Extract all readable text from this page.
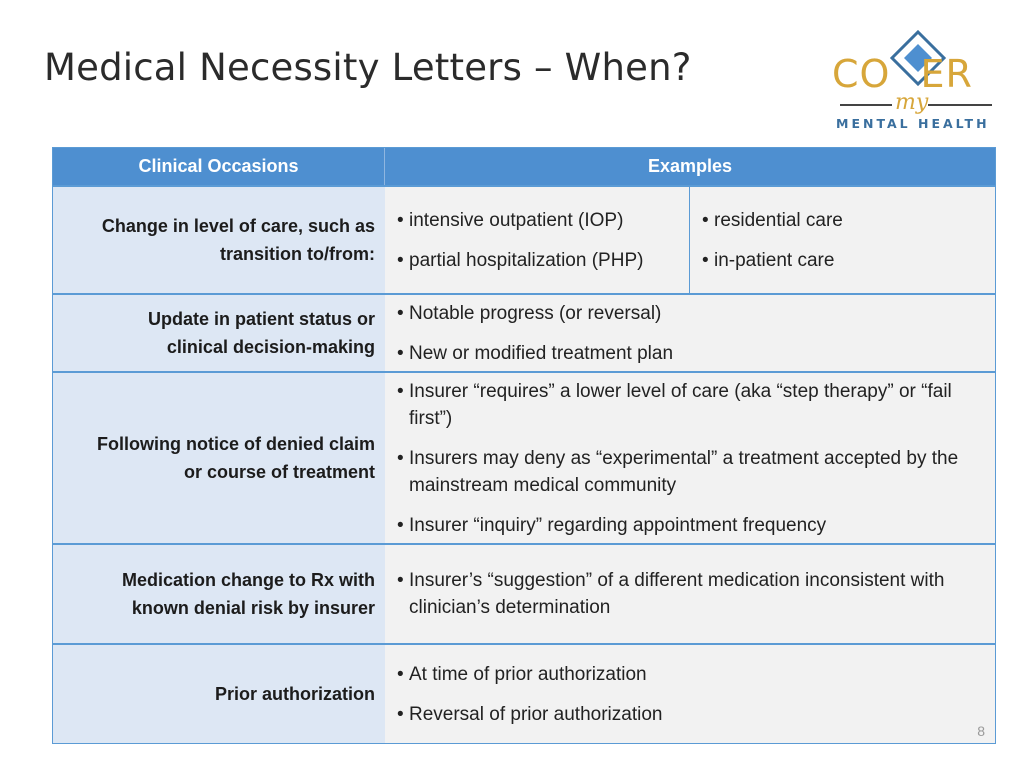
Medical Necessity Letters – When?	CO ER
my
MENTAL HEALTH
Clinical Occasions	Examples
Change in level of care, such as
transition to/from:
• intensive outpatient (IOP)
• partial hospitalization (PHP)
• residential care
• in-patient care
Update in patient status or
clinical decision-making
• Notable progress (or reversal)
• New or modified treatment plan
Following notice of denied claim
or course of treatment
• Insurer “requires” a lower level of care (aka “step therapy” or “fail first”)
• Insurers may deny as “experimental” a treatment accepted by the mainstream medical community
• Insurer “inquiry” regarding appointment frequency
Medication change to Rx with
known denial risk by insurer
• Insurer’s “suggestion” of a different medication inconsistent with clinician’s determination
Prior authorization
• At time of prior authorization
• Reversal of prior authorization
8
